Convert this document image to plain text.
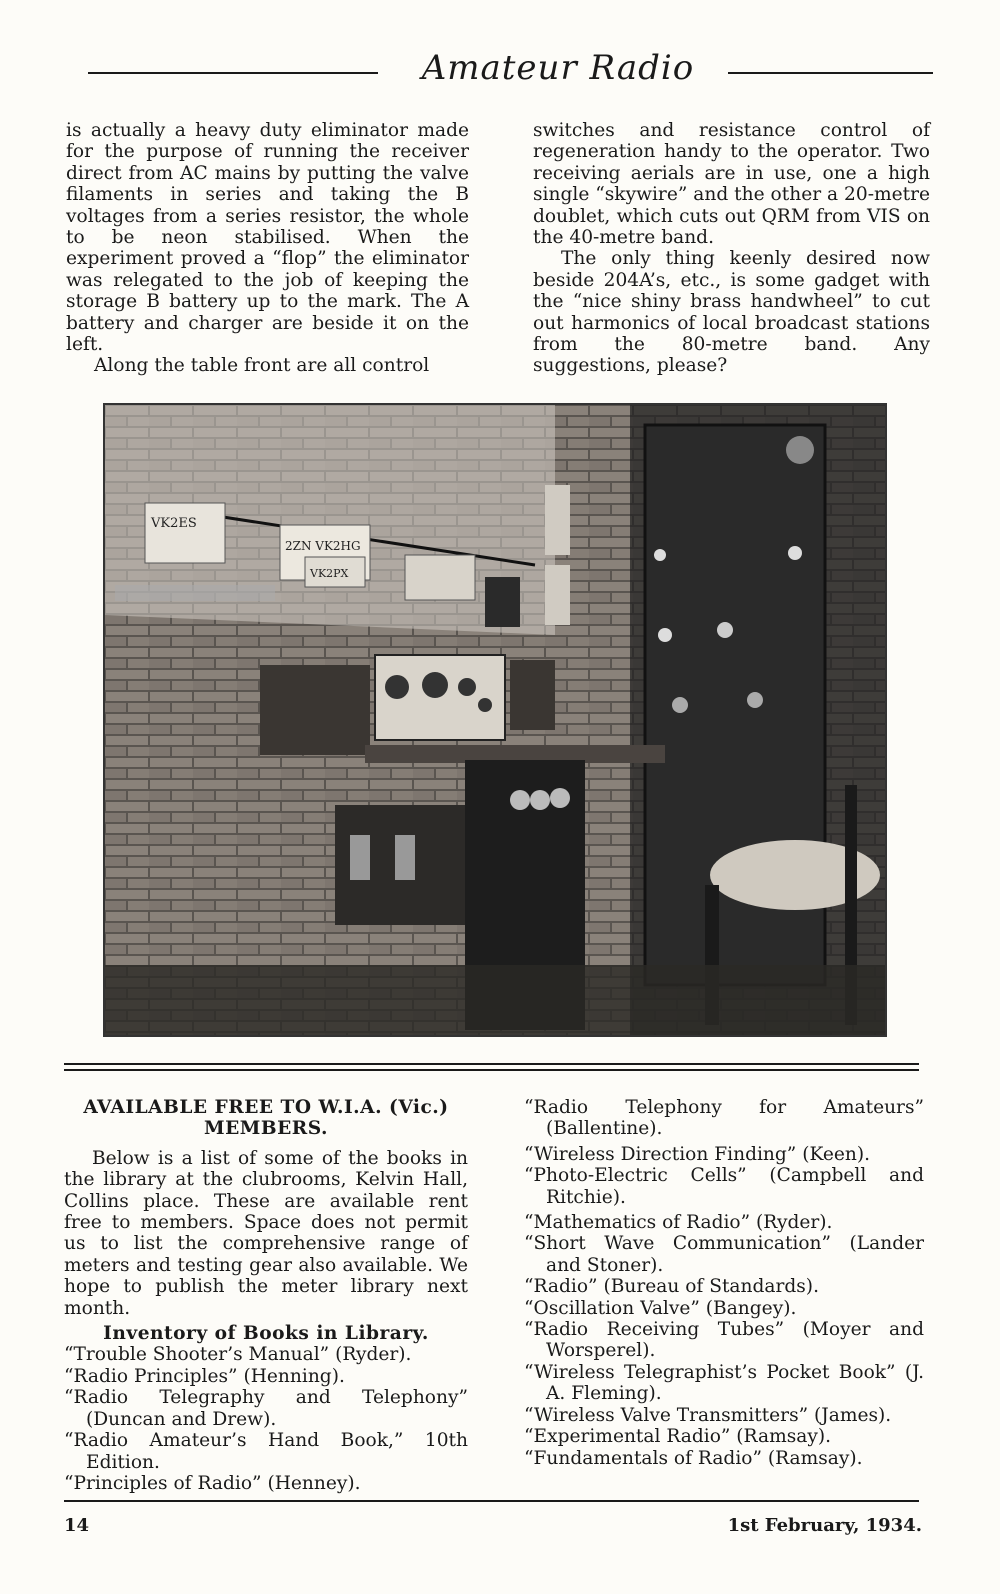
Amateur Radio

is actually a heavy duty eliminator made for the purpose of running the receiver direct from AC mains by putting the valve filaments in series and taking the B voltages from a series resistor, the whole to be neon stabilised. When the experiment proved a “flop” the eliminator was relegated to the job of keeping the storage B battery up to the mark. The A battery and charger are beside it on the left.

Along the table front are all control

switches and resistance control of regeneration handy to the operator. Two receiving aerials are in use, one a high single “skywire” and the other a 20-metre doublet, which cuts out QRM from VIS on the 40-metre band.

The only thing keenly desired now beside 204A’s, etc., is some gadget with the “nice shiny brass handwheel” to cut out harmonics of local broadcast stations from the 80-metre band. Any suggestions, please?

VK2ES
2ZN VK2HG
VK2PX

AVAILABLE FREE TO W.I.A. (Vic.)

MEMBERS.

Below is a list of some of the books in the library at the clubrooms, Kelvin Hall, Collins place. These are available rent free to members. Space does not permit us to list the comprehensive range of meters and testing gear also available. We hope to publish the meter library next month.

Inventory of Books in Library.

“Trouble Shooter’s Manual” (Ryder).

“Radio Principles” (Henning).

“Radio Telegraphy and Telephony” (Duncan and Drew).

“Radio Amateur’s Hand Book,” 10th Edition.

“Principles of Radio” (Henney).

“Radio Telephony for Amateurs” (Ballentine).

“Wireless Direction Finding” (Keen).

“Photo-Electric Cells” (Campbell and Ritchie).

“Mathematics of Radio” (Ryder).

“Short Wave Communication” (Lander and Stoner).

“Radio” (Bureau of Standards).

“Oscillation Valve” (Bangey).

“Radio Receiving Tubes” (Moyer and Worsperel).

“Wireless Telegraphist’s Pocket Book” (J. A. Fleming).

“Wireless Valve Transmitters” (James).

“Experimental Radio” (Ramsay).

“Fundamentals of Radio” (Ramsay).

14	1st February, 1934.
